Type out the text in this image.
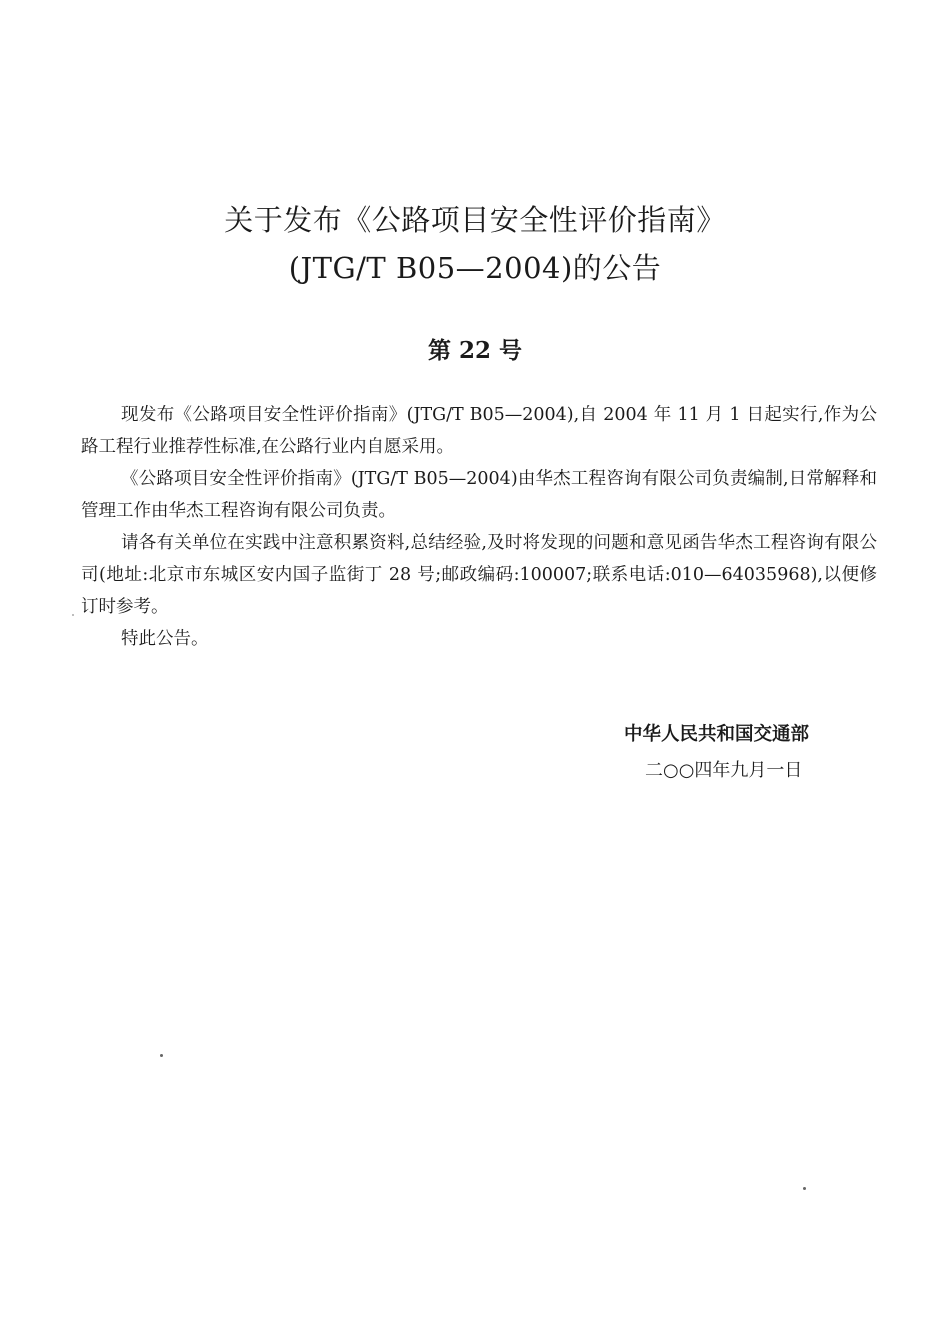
关于发布《公路项目安全性评价指南》
(JTG/T B05—2004)的公告
第 22 号

现发布《公路项目安全性评价指南》(JTG/T B05—2004),自 2004 年 11 月 1 日起实行,作为公路工程行业推荐性标准,在公路行业内自愿采用。

《公路项目安全性评价指南》(JTG/T B05—2004)由华杰工程咨询有限公司负责编制,日常解释和管理工作由华杰工程咨询有限公司负责。

请各有关单位在实践中注意积累资料,总结经验,及时将发现的问题和意见函告华杰工程咨询有限公司(地址:北京市东城区安内国子监街丁 28 号;邮政编码:100007;联系电话:010—64035968),以便修订时参考。

特此公告。

中华人民共和国交通部
二○○四年九月一日
